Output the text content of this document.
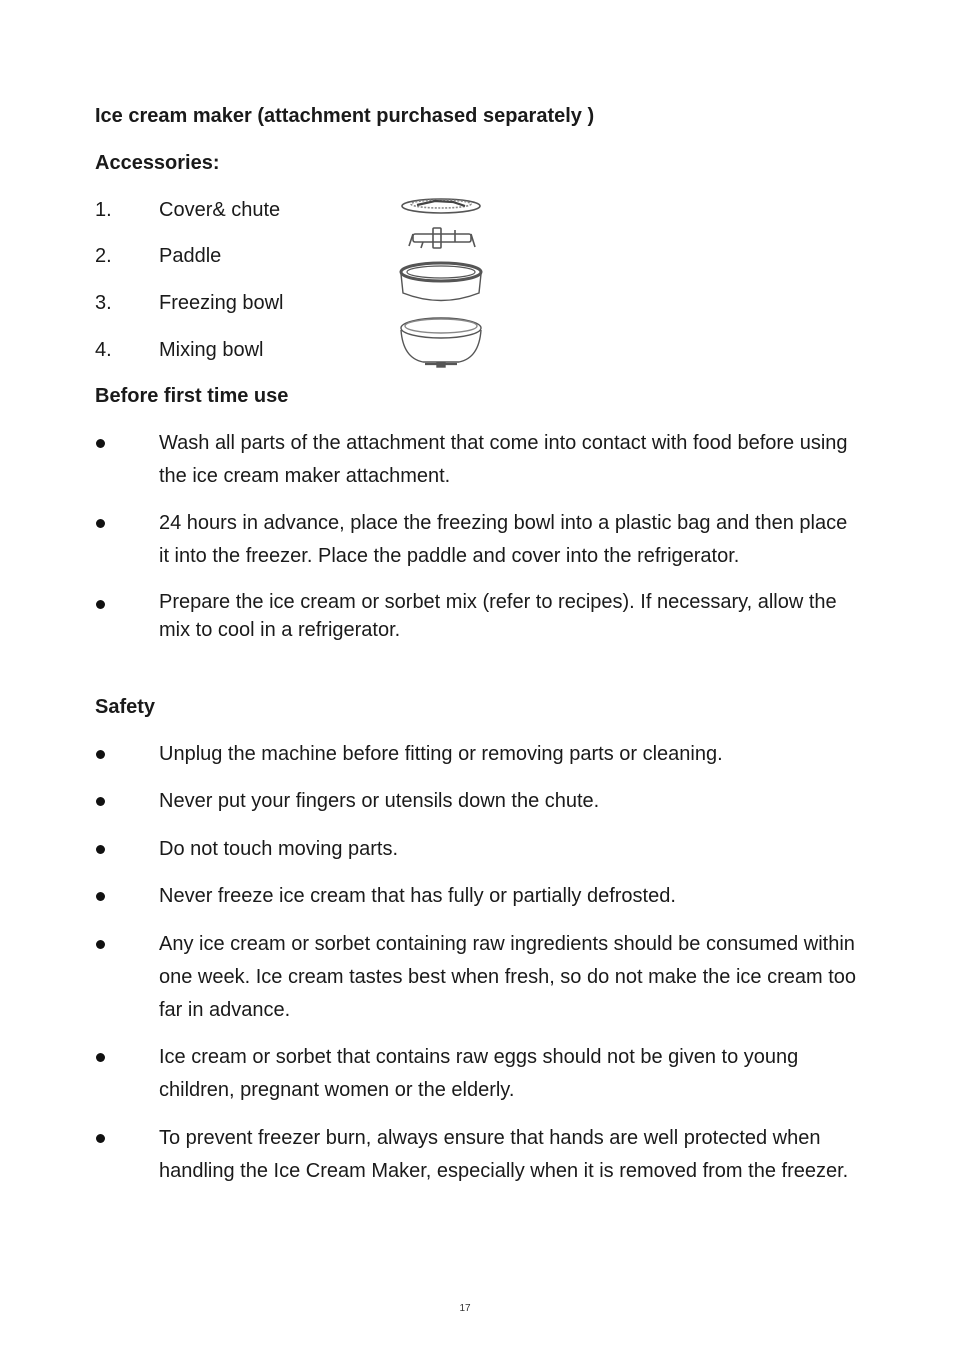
Ice cream maker (attachment purchased separately )
Accessories:
1. Cover& chute
2. Paddle
3. Freezing bowl
4. Mixing bowl
Before first time use
Wash all parts of the attachment that come into contact with food before using the ice cream maker attachment.
24 hours in advance, place the freezing bowl into a plastic bag and then place it into the freezer. Place the paddle and cover into the refrigerator.
Prepare the ice cream or sorbet mix (refer to recipes). If necessary, allow the mix to cool in a refrigerator.
Safety
Unplug the machine before fitting or removing parts or cleaning.
Never put your fingers or utensils down the chute.
Do not touch moving parts.
Never freeze ice cream that has fully or partially defrosted.
Any ice cream or sorbet containing raw ingredients should be consumed within one week. Ice cream tastes best when fresh, so do not make the ice cream too far in advance.
Ice cream or sorbet that contains raw eggs should not be given to young children, pregnant women or the elderly.
To prevent freezer burn, always ensure that hands are well protected when handling the Ice Cream Maker, especially when it is removed from the freezer.
17
